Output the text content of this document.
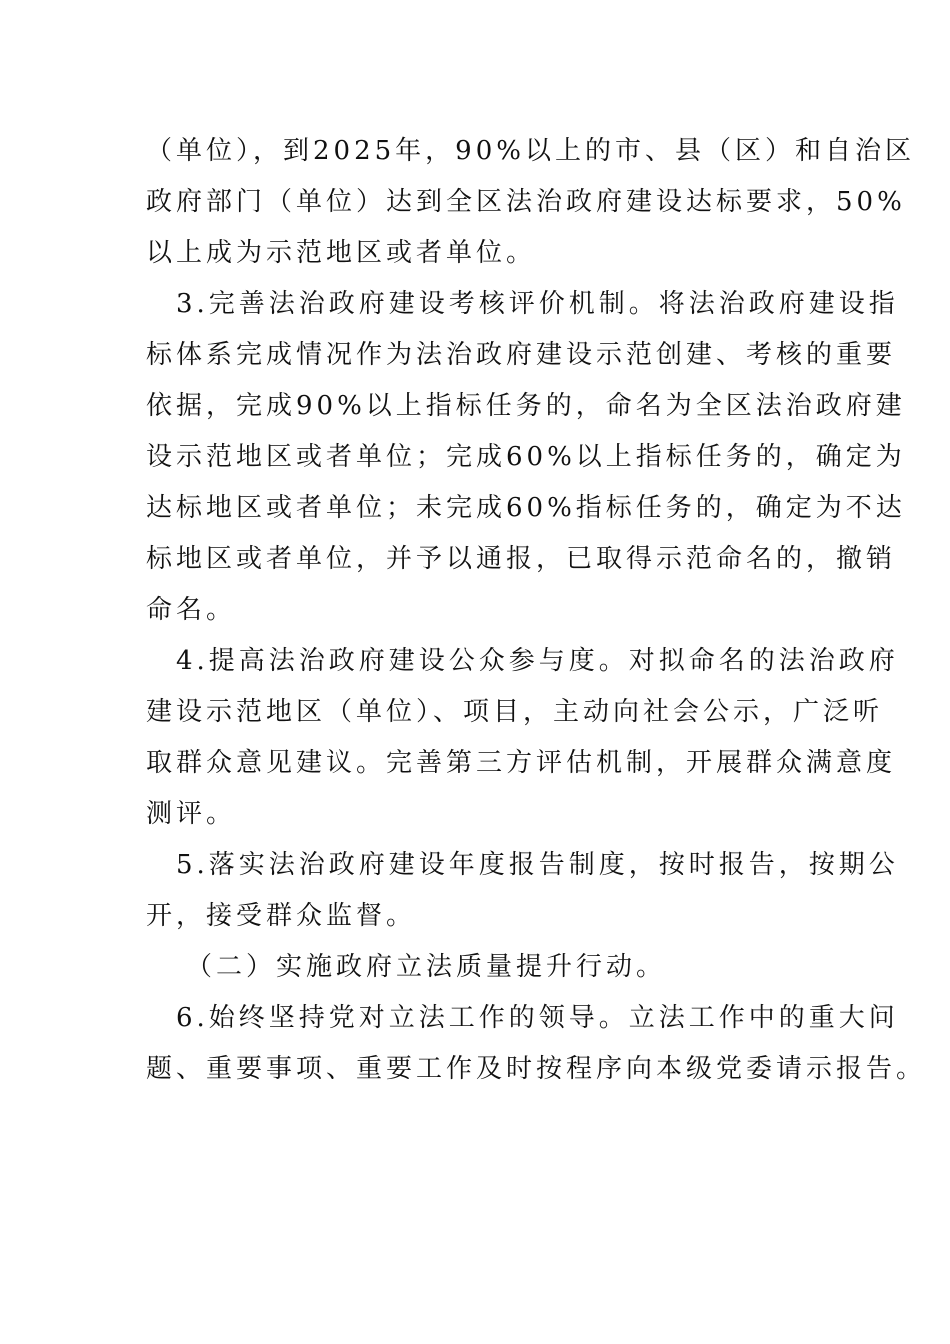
（单位），到2025年，90%以上的市、县（区）和自治区
政府部门（单位）达到全区法治政府建设达标要求，50%
以上成为示范地区或者单位。
3.完善法治政府建设考核评价机制。将法治政府建设指
标体系完成情况作为法治政府建设示范创建、考核的重要
依据，完成90%以上指标任务的，命名为全区法治政府建
设示范地区或者单位；完成60%以上指标任务的，确定为
达标地区或者单位；未完成60%指标任务的，确定为不达
标地区或者单位，并予以通报，已取得示范命名的，撤销
命名。
4.提高法治政府建设公众参与度。对拟命名的法治政府
建设示范地区（单位）、项目，主动向社会公示，广泛听
取群众意见建议。完善第三方评估机制，开展群众满意度
测评。
5.落实法治政府建设年度报告制度，按时报告，按期公
开，接受群众监督。
（二）实施政府立法质量提升行动。
6.始终坚持党对立法工作的领导。立法工作中的重大问
题、重要事项、重要工作及时按程序向本级党委请示报告。
